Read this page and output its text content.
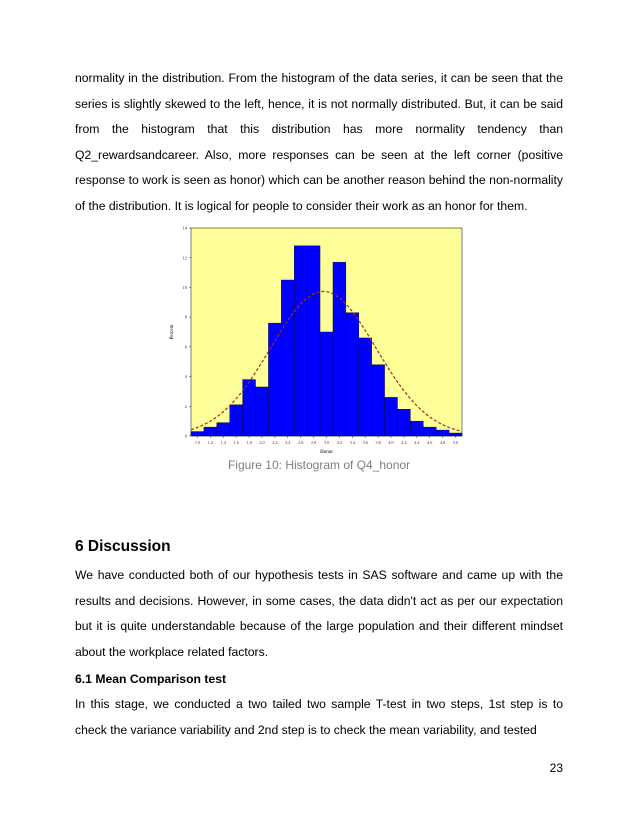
normality in the distribution. From the histogram of the data series, it can be seen that the series is slightly skewed to the left, hence, it is not normally distributed. But, it can be said from the histogram that this distribution has more normality tendency than Q2_rewardsandcareer. Also, more responses can be seen at the left corner (positive response to work is seen as honor) which can be another reason behind the non-normality of the distribution. It is logical for people to consider their work as an honor for them.

0
2
4
6
8
10
12
14
1.0 1.2 1.4 1.6 1.8 2.0 2.2 2.4 2.6 2.8 3.0 3.2 3.4 3.6 3.8 4.0 4.2 4.4 4.6 4.8 5.0
Honor
Percent
Figure 10: Histogram of Q4_honor
6 Discussion

We have conducted both of our hypothesis tests in SAS software and came up with the results and decisions. However, in some cases, the data didn't act as per our expectation but it is quite understandable because of the large population and their different mindset about the workplace related factors.

6.1 Mean Comparison test

In this stage, we conducted a two tailed two sample T-test in two steps, 1st step is to check the variance variability and 2nd step is to check the mean variability, and tested

23
